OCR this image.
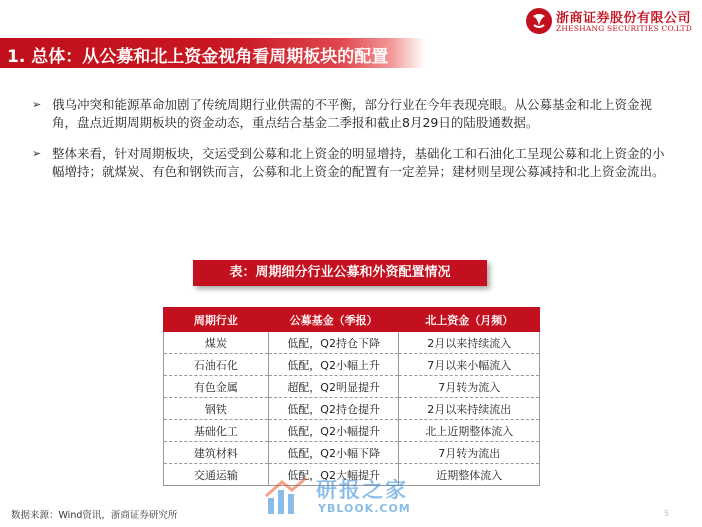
浙商证券股份有限公司
ZHESHANG SECURITIES CO.LTD
1. 总体：从公募和北上资金视角看周期板块的配置
➢ 俄乌冲突和能源革命加剧了传统周期行业供需的不平衡，部分行业在今年表现亮眼。从公募基金和北上资金视角，盘点近期周期板块的资金动态，重点结合基金二季报和截止8月29日的陆股通数据。
➢ 整体来看，针对周期板块，交运受到公募和北上资金的明显增持，基础化工和石油化工呈现公募和北上资金的小幅增持；就煤炭、有色和钢铁而言，公募和北上资金的配置有一定差异；建材则呈现公募减持和北上资金流出。
表：周期细分行业公募和外资配置情况
周期行业	公募基金（季报）	北上资金（月频）
煤炭	低配，Q2持仓下降	2月以来持续流入
石油石化	低配，Q2小幅上升	7月以来小幅流入
有色金属	超配，Q2明显提升	7月转为流入
钢铁	低配，Q2持仓提升	2月以来持续流出
基础化工	低配，Q2小幅提升	北上近期整体流入
建筑材料	低配，Q2小幅下降	7月转为流出
交通运输	低配，Q2大幅提升	近期整体流入
研报之家
YBLOOK.COM
数据来源：Wind资讯，浙商证券研究所	5
